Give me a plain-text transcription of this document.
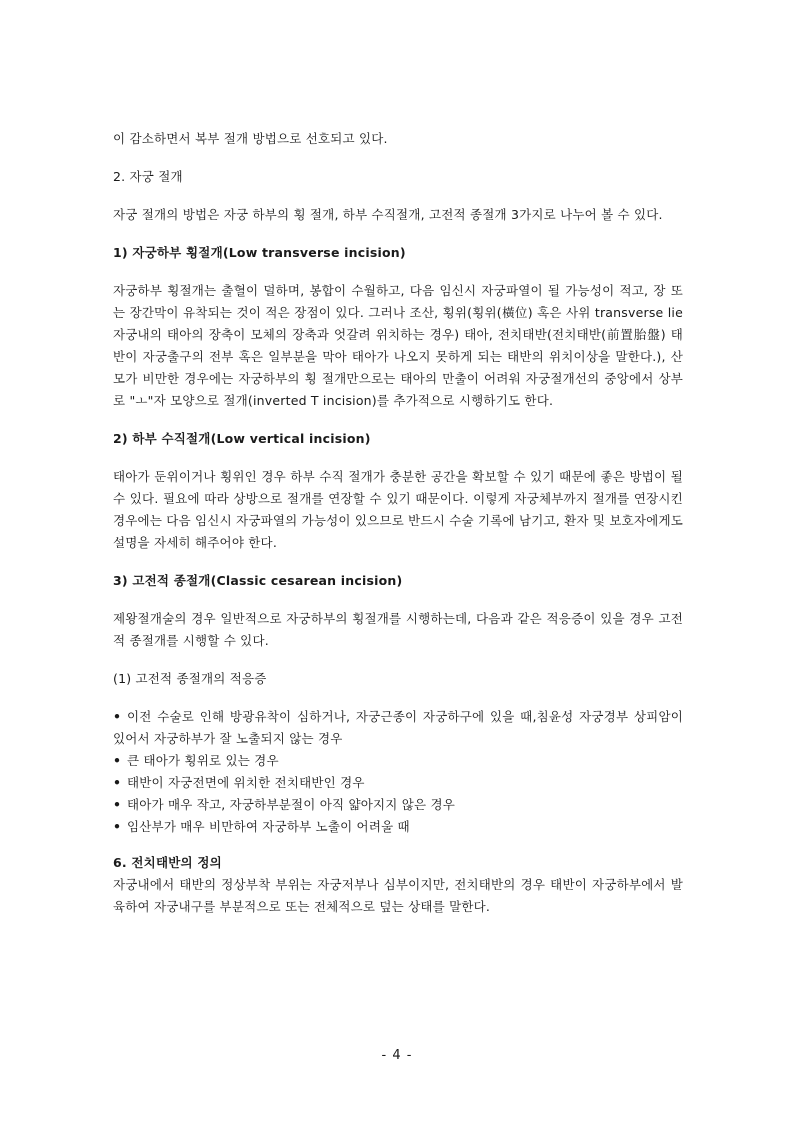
이 감소하면서 복부 절개 방법으로 선호되고 있다.

2. 자궁 절개

자궁 절개의 방법은 자궁 하부의 횡 절개, 하부 수직절개, 고전적 종절개 3가지로 나누어 볼 수 있다.

1) 자궁하부 횡절개(Low transverse incision)

자궁하부 횡절개는 출혈이 덜하며, 봉합이 수월하고, 다음 임신시 자궁파열이 될 가능성이 적고, 장 또는 장간막이 유착되는 것이 적은 장점이 있다. 그러나 조산, 횡위(횡위(橫位) 혹은 사위 transverse lie 자궁내의 태아의 장축이 모체의 장축과 엇갈려 위치하는 경우) 태아, 전치태반(전치태반(前置胎盤) 태반이 자궁출구의 전부 혹은 일부분을 막아 태아가 나오지 못하게 되는 태반의 위치이상을 말한다.), 산모가 비만한 경우에는 자궁하부의 횡 절개만으로는 태아의 만출이 어려워 자궁절개선의 중앙에서 상부로 "ㅗ"자 모양으로 절개(inverted T incision)를 추가적으로 시행하기도 한다.

2) 하부 수직절개(Low vertical incision)

태아가 둔위이거나 횡위인 경우 하부 수직 절개가 충분한 공간을 확보할 수 있기 때문에 좋은 방법이 될 수 있다. 필요에 따라 상방으로 절개를 연장할 수 있기 때문이다. 이렇게 자궁체부까지 절개를 연장시킨 경우에는 다음 임신시 자궁파열의 가능성이 있으므로 반드시 수술 기록에 남기고, 환자 및 보호자에게도 설명을 자세히 해주어야 한다.

3) 고전적 종절개(Classic cesarean incision)

제왕절개술의 경우 일반적으로 자궁하부의 횡절개를 시행하는데, 다음과 같은 적응증이 있을 경우 고전적 종절개를 시행할 수 있다.

(1) 고전적 종절개의 적응증

• 이전 수술로 인해 방광유착이 심하거나, 자궁근종이 자궁하구에 있을 때,침윤성 자궁경부 상피암이 있어서 자궁하부가 잘 노출되지 않는 경우
• 큰 태아가 횡위로 있는 경우
• 태반이 자궁전면에 위치한 전치태반인 경우
• 태아가 매우 작고, 자궁하부분절이 아직 얇아지지 않은 경우
• 임산부가 매우 비만하여 자궁하부 노출이 어려울 때

6. 전치태반의 정의

자궁내에서 태반의 정상부착 부위는 자궁저부나 심부이지만, 전치태반의 경우 태반이 자궁하부에서 발육하여 자궁내구를 부분적으로 또는 전체적으로 덮는 상태를 말한다.

- 4 -
